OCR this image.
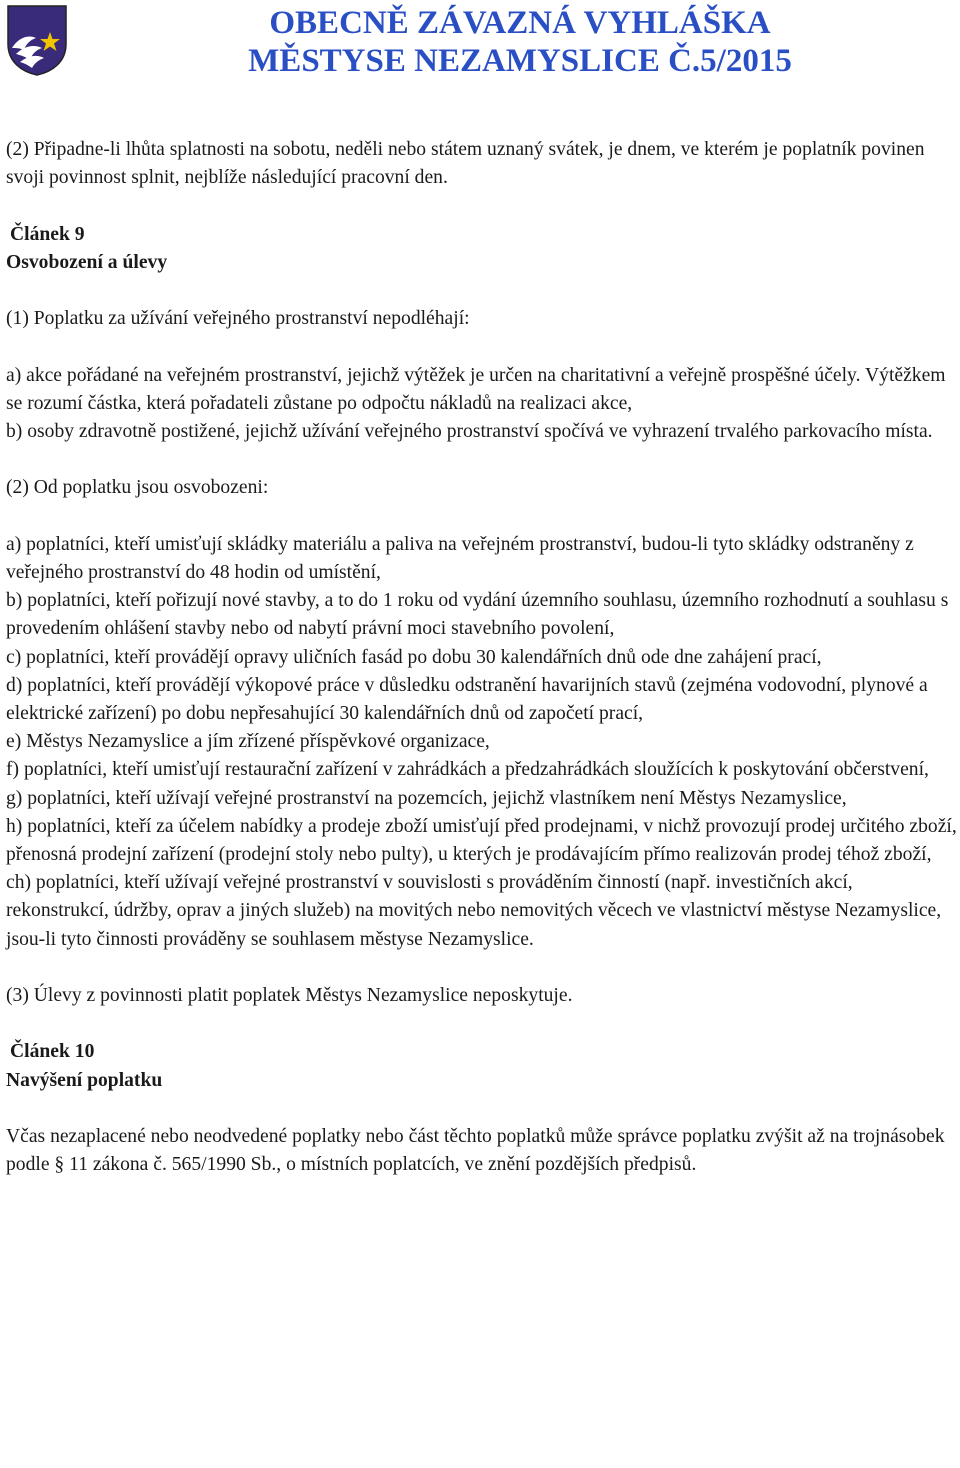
OBECNĚ ZÁVAZNÁ VYHLÁŠKA
MĚSTYSE NEZAMYSLICE Č.5/2015

(2) Připadne-li lhůta splatnosti na sobotu, neděli nebo státem uznaný svátek, je dnem, ve kterém je poplatník povinen svoji povinnost splnit, nejblíže následující pracovní den.

Článek 9

Osvobození a úlevy

(1) Poplatku za užívání veřejného prostranství nepodléhají:

a) akce pořádané na veřejném prostranství, jejichž výtěžek je určen na charitativní a veřejně prospěšné účely. Výtěžkem se rozumí částka, která pořadateli zůstane po odpočtu nákladů na realizaci akce,

b) osoby zdravotně postižené, jejichž užívání veřejného prostranství spočívá ve vyhrazení trvalého parkovacího místa.

(2) Od poplatku jsou osvobozeni:

a) poplatníci, kteří umisťují skládky materiálu a paliva na veřejném prostranství, budou-li tyto skládky odstraněny z veřejného prostranství do 48 hodin od umístění,

b) poplatníci, kteří pořizují nové stavby, a to do 1 roku od vydání územního souhlasu, územního rozhodnutí a souhlasu s provedením ohlášení stavby nebo od nabytí právní moci stavebního povolení,

c) poplatníci, kteří provádějí opravy uličních fasád po dobu 30 kalendářních dnů ode dne zahájení prací,

d) poplatníci, kteří provádějí výkopové práce v důsledku odstranění havarijních stavů (zejména vodovodní, plynové a elektrické zařízení) po dobu nepřesahující 30 kalendářních dnů od započetí prací,

e) Městys Nezamyslice a jím zřízené příspěvkové organizace,

f) poplatníci, kteří umisťují restaurační zařízení v zahrádkách a předzahrádkách sloužících k poskytování občerstvení,

g) poplatníci, kteří užívají veřejné prostranství na pozemcích, jejichž vlastníkem není Městys Nezamyslice,

h) poplatníci, kteří za účelem nabídky a prodeje zboží umisťují před prodejnami, v nichž provozují prodej určitého zboží, přenosná prodejní zařízení (prodejní stoly nebo pulty), u kterých je prodávajícím přímo realizován prodej téhož zboží,

ch) poplatníci, kteří užívají veřejné prostranství v souvislosti s prováděním činností (např. investičních akcí, rekonstrukcí, údržby, oprav a jiných služeb) na movitých nebo nemovitých věcech ve vlastnictví městyse Nezamyslice, jsou-li tyto činnosti prováděny se souhlasem městyse Nezamyslice.

(3) Úlevy z povinnosti platit poplatek Městys Nezamyslice neposkytuje.

Článek 10

Navýšení poplatku

Včas nezaplacené nebo neodvedené poplatky nebo část těchto poplatků může správce poplatku zvýšit až na trojnásobek podle § 11 zákona č. 565/1990 Sb., o místních poplatcích, ve znění pozdějších předpisů.
